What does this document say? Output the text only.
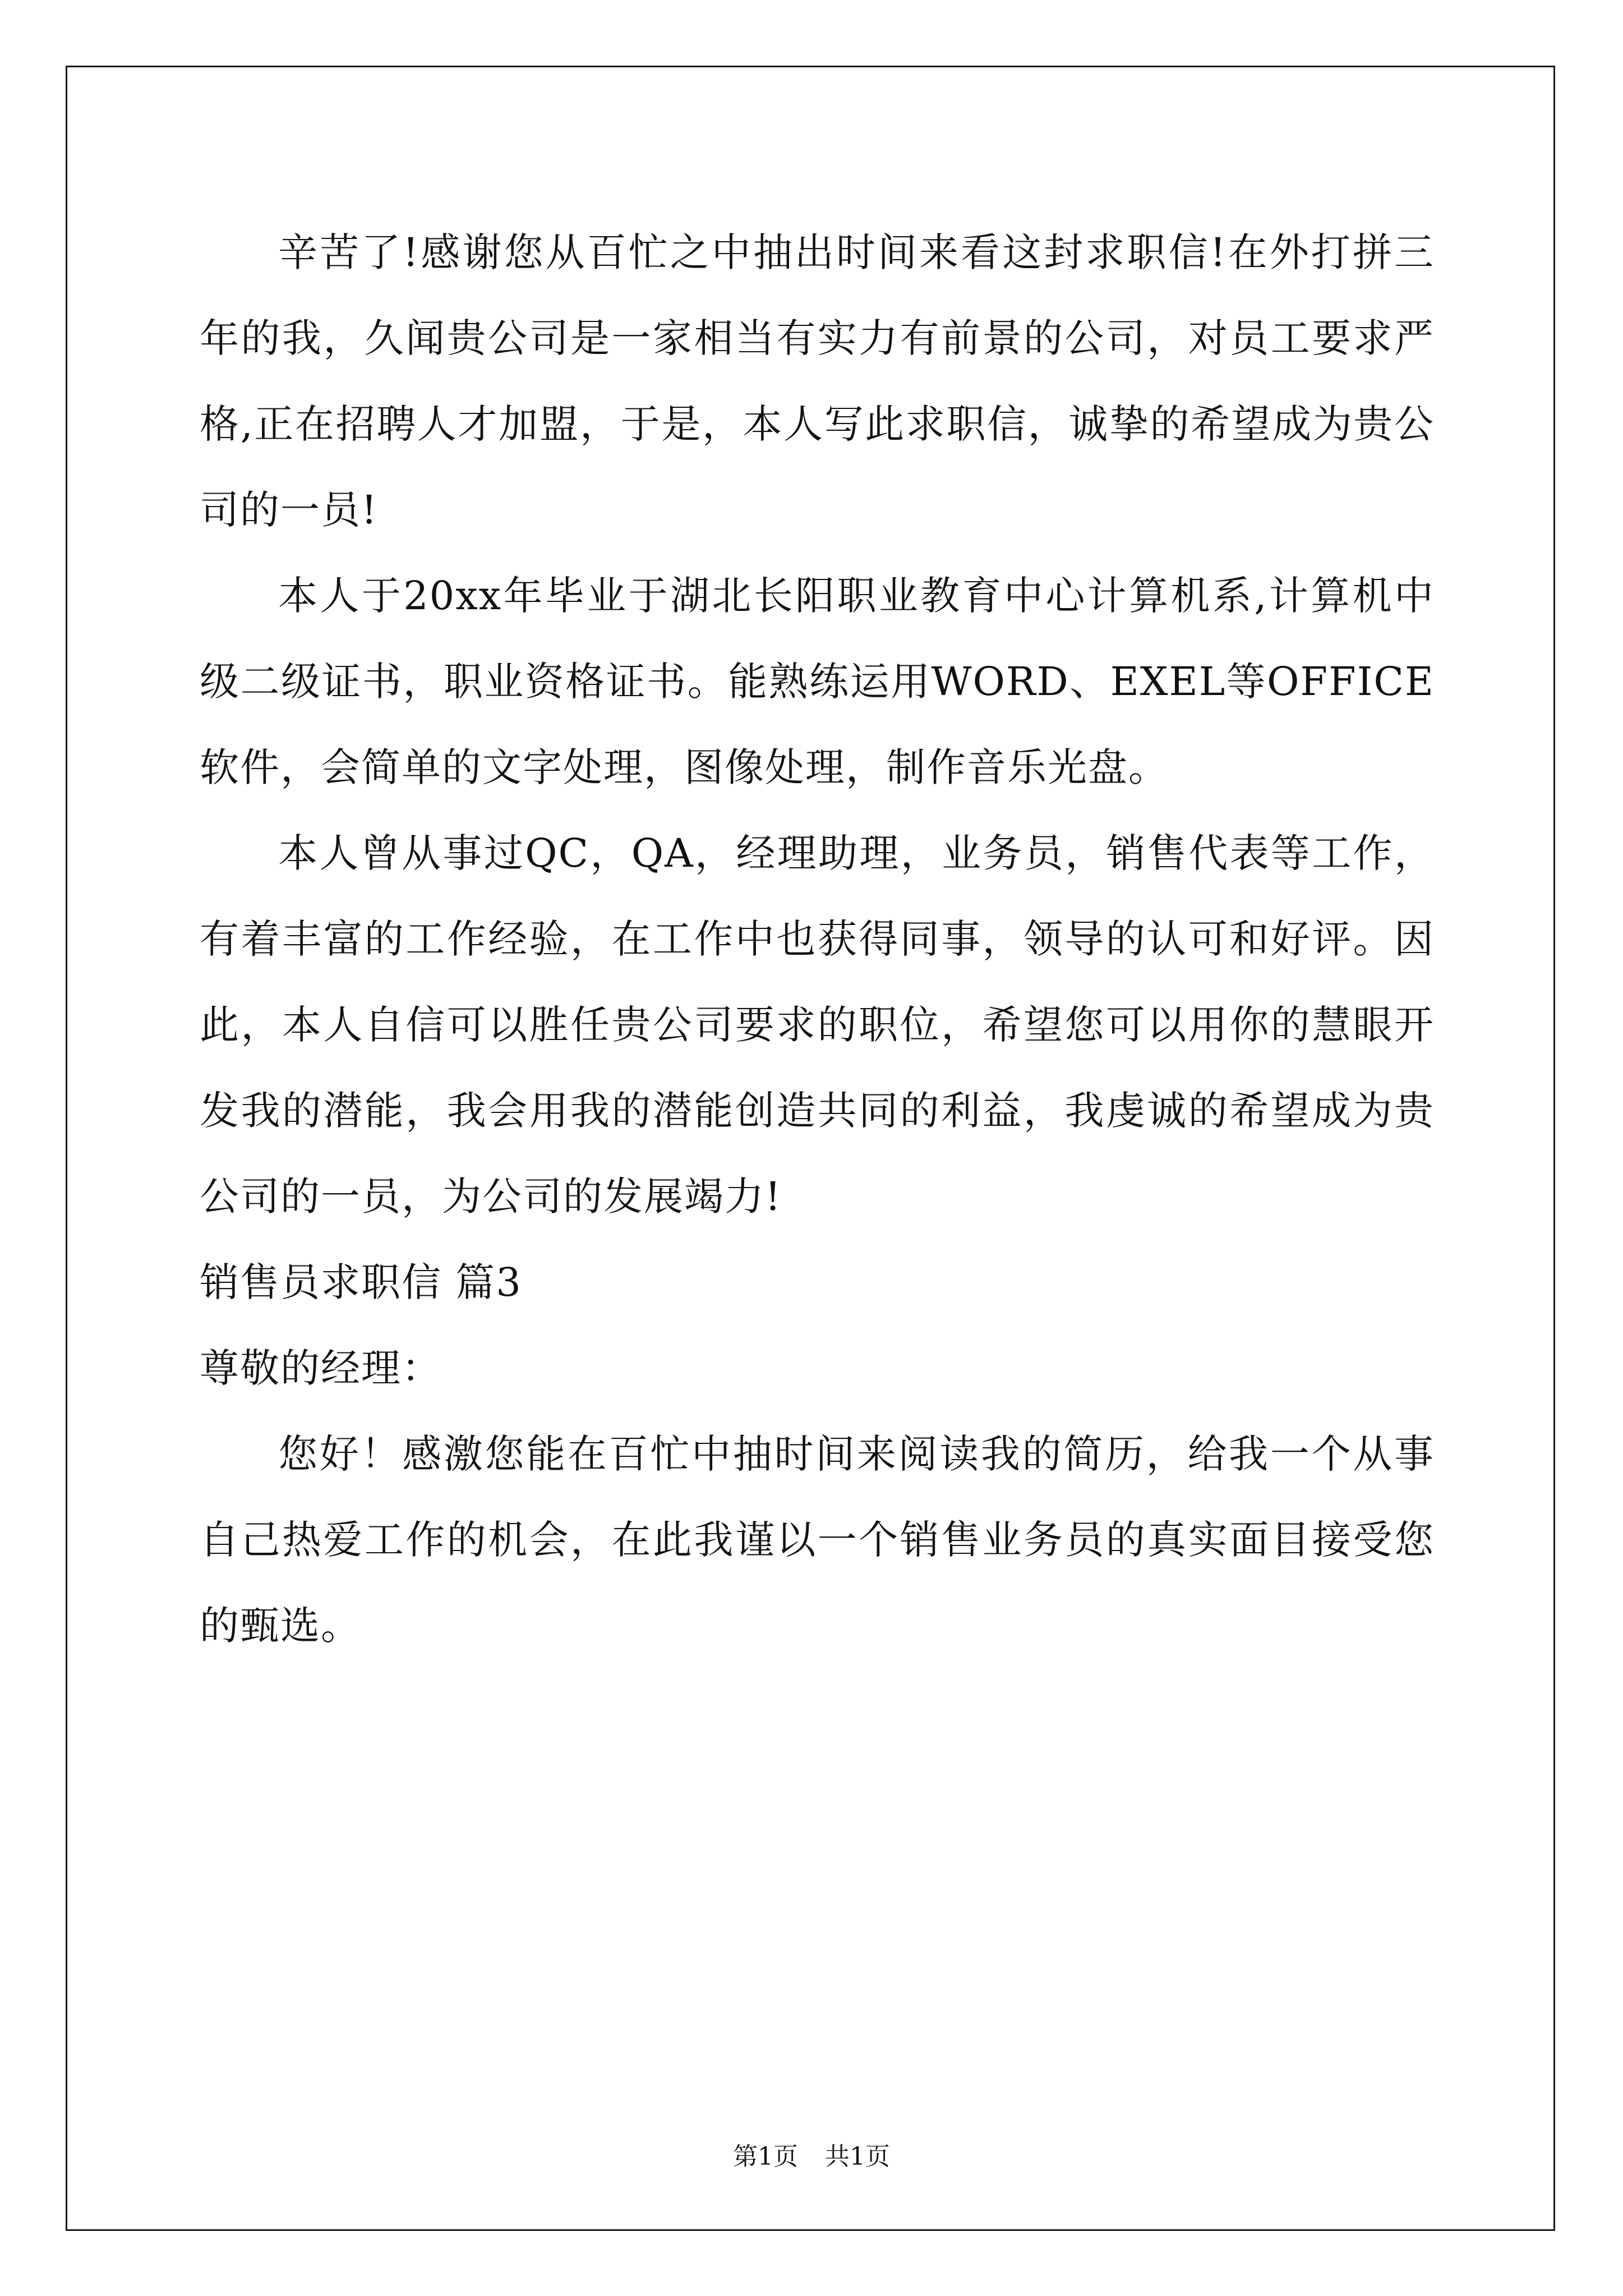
辛苦了!感谢您从百忙之中抽出时间来看这封求职信!在外打拼三年的我，久闻贵公司是一家相当有实力有前景的公司，对员工要求严格,正在招聘人才加盟，于是，本人写此求职信，诚挚的希望成为贵公司的一员!

本人于20xx年毕业于湖北长阳职业教育中心计算机系,计算机中级二级证书，职业资格证书。能熟练运用WORD、EXEL等OFFICE软件，会简单的文字处理，图像处理，制作音乐光盘。

本人曾从事过QC，QA，经理助理，业务员，销售代表等工作，有着丰富的工作经验，在工作中也获得同事，领导的认可和好评。因此，本人自信可以胜任贵公司要求的职位，希望您可以用你的慧眼开发我的潜能，我会用我的潜能创造共同的利益，我虔诚的希望成为贵公司的一员，为公司的发展竭力!

销售员求职信 篇3

尊敬的经理：

您好！感激您能在百忙中抽时间来阅读我的简历，给我一个从事自己热爱工作的机会，在此我谨以一个销售业务员的真实面目接受您的甄选。

第1页 共1页
